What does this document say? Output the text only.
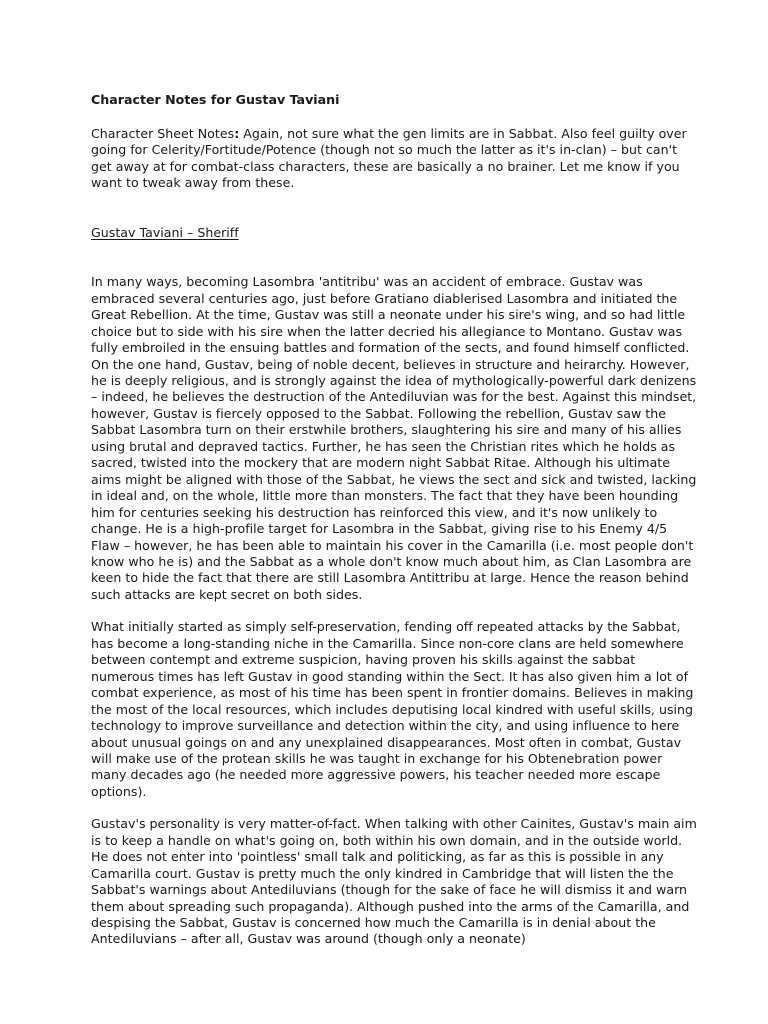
Character Notes for Gustav Taviani

Character Sheet Notes: Again, not sure what the gen limits are in Sabbat. Also feel guilty over going for Celerity/Fortitude/Potence (though not so much the latter as it's in-clan) – but can't get away at for combat-class characters, these are basically a no brainer. Let me know if you want to tweak away from these.

Gustav Taviani – Sheriff

In many ways, becoming Lasombra 'antitribu' was an accident of embrace. Gustav was embraced several centuries ago, just before Gratiano diablerised Lasombra and initiated the Great Rebellion. At the time, Gustav was still a neonate under his sire's wing, and so had little choice but to side with his sire when the latter decried his allegiance to Montano. Gustav was fully embroiled in the ensuing battles and formation of the sects, and found himself conflicted. On the one hand, Gustav, being of noble decent, believes in structure and heirarchy. However, he is deeply religious, and is strongly against the idea of mythologically-powerful dark denizens – indeed, he believes the destruction of the Antediluvian was for the best. Against this mindset, however, Gustav is fiercely opposed to the Sabbat. Following the rebellion, Gustav saw the Sabbat Lasombra turn on their erstwhile brothers, slaughtering his sire and many of his allies using brutal and depraved tactics. Further, he has seen the Christian rites which he holds as sacred, twisted into the mockery that are modern night Sabbat Ritae. Although his ultimate aims might be aligned with those of the Sabbat, he views the sect and sick and twisted, lacking in ideal and, on the whole, little more than monsters. The fact that they have been hounding him for centuries seeking his destruction has reinforced this view, and it's now unlikely to change. He is a high-profile target for Lasombra in the Sabbat, giving rise to his Enemy 4/5 Flaw – however, he has been able to maintain his cover in the Camarilla (i.e. most people don't know who he is) and the Sabbat as a whole don't know much about him, as Clan Lasombra are keen to hide the fact that there are still Lasombra Antittribu at large. Hence the reason behind such attacks are kept secret on both sides.

What initially started as simply self-preservation, fending off repeated attacks by the Sabbat, has become a long-standing niche in the Camarilla. Since non-core clans are held somewhere between contempt and extreme suspicion, having proven his skills against the sabbat numerous times has left Gustav in good standing within the Sect. It has also given him a lot of combat experience, as most of his time has been spent in frontier domains. Believes in making the most of the local resources, which includes deputising local kindred with useful skills, using technology to improve surveillance and detection within the city, and using influence to here about unusual goings on and any unexplained disappearances. Most often in combat, Gustav will make use of the protean skills he was taught in exchange for his Obtenebration power many decades ago (he needed more aggressive powers, his teacher needed more escape options).

Gustav's personality is very matter-of-fact. When talking with other Cainites, Gustav's main aim is to keep a handle on what's going on, both within his own domain, and in the outside world. He does not enter into 'pointless' small talk and politicking, as far as this is possible in any Camarilla court. Gustav is pretty much the only kindred in Cambridge that will listen the the Sabbat's warnings about Antediluvians (though for the sake of face he will dismiss it and warn them about spreading such propaganda). Although pushed into the arms of the Camarilla, and despising the Sabbat, Gustav is concerned how much the Camarilla is in denial about the Antediluvians – after all, Gustav was around (though only a neonate)
